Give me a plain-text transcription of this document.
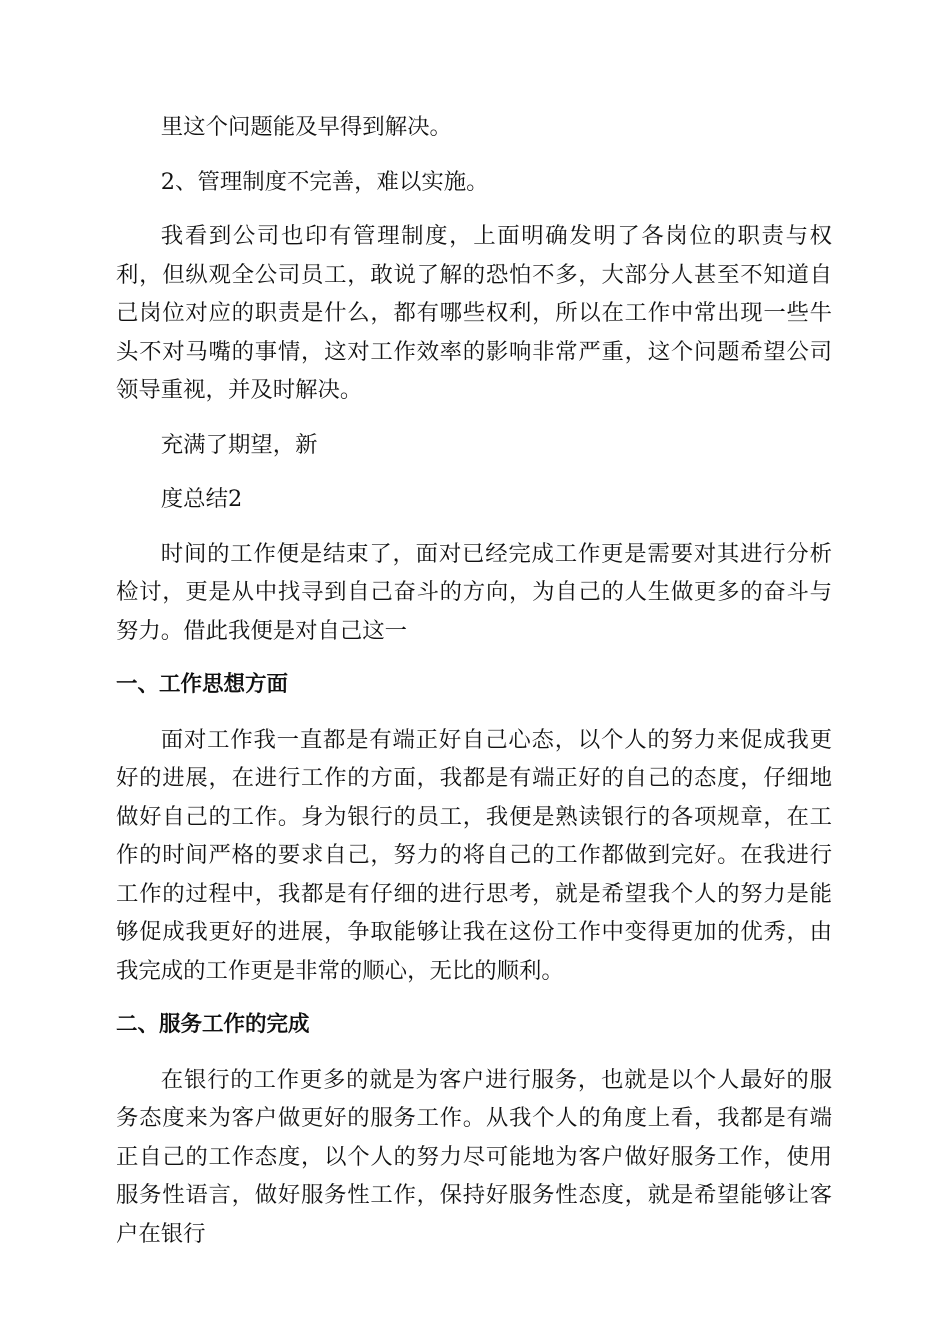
里这个问题能及早得到解决。

2、管理制度不完善，难以实施。

我看到公司也印有管理制度，上面明确发明了各岗位的职责与权利，但纵观全公司员工，敢说了解的恐怕不多，大部分人甚至不知道自己岗位对应的职责是什么，都有哪些权利，所以在工作中常出现一些牛头不对马嘴的事情，这对工作效率的影响非常严重，这个问题希望公司领导重视，并及时解决。

充满了期望，新

度总结2

时间的工作便是结束了，面对已经完成工作更是需要对其进行分析检讨，更是从中找寻到自己奋斗的方向，为自己的人生做更多的奋斗与努力。借此我便是对自己这一

一、工作思想方面

面对工作我一直都是有端正好自己心态，以个人的努力来促成我更好的进展，在进行工作的方面，我都是有端正好的自己的态度，仔细地做好自己的工作。身为银行的员工，我便是熟读银行的各项规章，在工作的时间严格的要求自己，努力的将自己的工作都做到完好。在我进行工作的过程中，我都是有仔细的进行思考，就是希望我个人的努力是能够促成我更好的进展，争取能够让我在这份工作中变得更加的优秀，由我完成的工作更是非常的顺心，无比的顺利。

二、服务工作的完成

在银行的工作更多的就是为客户进行服务，也就是以个人最好的服务态度来为客户做更好的服务工作。从我个人的角度上看，我都是有端正自己的工作态度，以个人的努力尽可能地为客户做好服务工作，使用服务性语言，做好服务性工作，保持好服务性态度，就是希望能够让客户在银行
